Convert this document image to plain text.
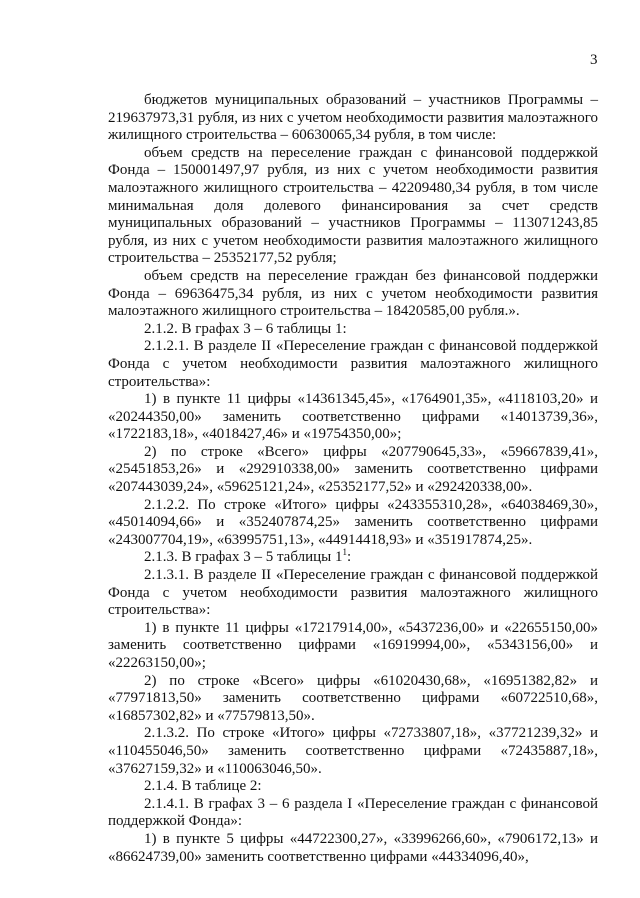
3

бюджетов муниципальных образований – участников Программы – 219637973,31 рубля, из них с учетом необходимости развития малоэтажного жилищного строительства – 60630065,34 рубля, в том числе:

объем средств на переселение граждан с финансовой поддержкой Фонда – 150001497,97 рубля, из них с учетом необходимости развития малоэтажного жилищного строительства – 42209480,34 рубля, в том числе минимальная доля долевого финансирования за счет средств муниципальных образований – участников Программы – 113071243,85 рубля, из них с учетом необходимости развития малоэтажного жилищного строительства – 25352177,52 рубля;

объем средств на переселение граждан без финансовой поддержки Фонда – 69636475,34 рубля, из них с учетом необходимости развития малоэтажного жилищного строительства – 18420585,00 рубля.».

2.1.2. В графах 3 – 6 таблицы 1:

2.1.2.1. В разделе II «Переселение граждан с финансовой поддержкой Фонда с учетом необходимости развития малоэтажного жилищного строительства»:

1) в пункте 11 цифры «14361345,45», «1764901,35», «4118103,20» и «20244350,00» заменить соответственно цифрами «14013739,36», «1722183,18», «4018427,46» и «19754350,00»;

2) по строке «Всего» цифры «207790645,33», «59667839,41», «25451853,26» и «292910338,00» заменить соответственно цифрами «207443039,24», «59625121,24», «25352177,52» и «292420338,00».

2.1.2.2. По строке «Итого» цифры «243355310,28», «64038469,30», «45014094,66» и «352407874,25» заменить соответственно цифрами «243007704,19», «63995751,13», «44914418,93» и «351917874,25».

2.1.3. В графах 3 – 5 таблицы $1^1$:

2.1.3.1. В разделе II «Переселение граждан с финансовой поддержкой Фонда с учетом необходимости развития малоэтажного жилищного строительства»:

1) в пункте 11 цифры «17217914,00», «5437236,00» и «22655150,00» заменить соответственно цифрами «16919994,00», «5343156,00» и «22263150,00»;

2) по строке «Всего» цифры «61020430,68», «16951382,82» и «77971813,50» заменить соответственно цифрами «60722510,68», «16857302,82» и «77579813,50».

2.1.3.2. По строке «Итого» цифры «72733807,18», «37721239,32» и «110455046,50» заменить соответственно цифрами «72435887,18», «37627159,32» и «110063046,50».

2.1.4. В таблице 2:

2.1.4.1. В графах 3 – 6 раздела I «Переселение граждан с финансовой поддержкой Фонда»:

1) в пункте 5 цифры «44722300,27», «33996266,60», «7906172,13» и «86624739,00» заменить соответственно цифрами «44334096,40»,
